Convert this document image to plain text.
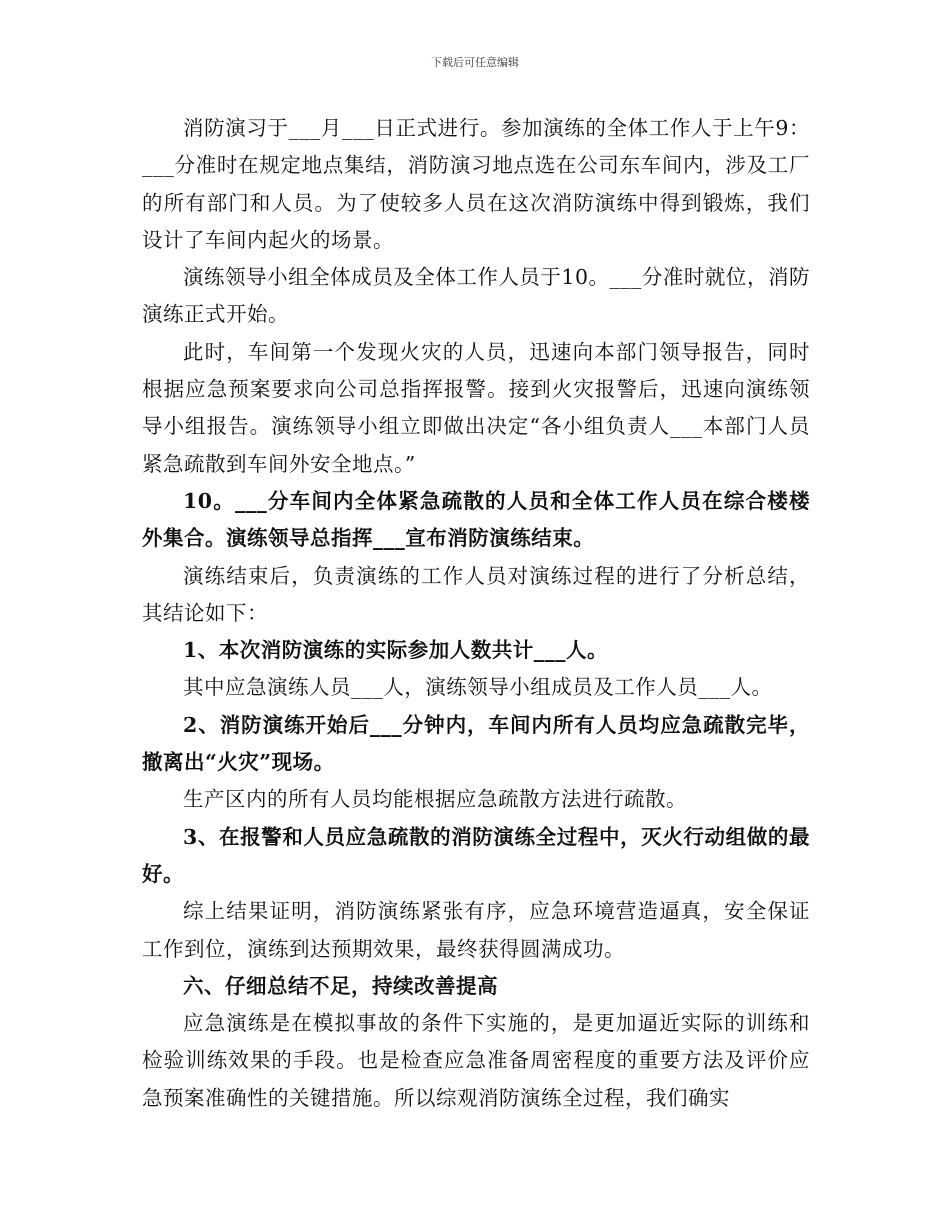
下载后可任意编辑

消防演习于___月___日正式进行。参加演练的全体工作人于上午9：___分准时在规定地点集结，消防演习地点选在公司东车间内，涉及工厂的所有部门和人员。为了使较多人员在这次消防演练中得到锻炼，我们设计了车间内起火的场景。

演练领导小组全体成员及全体工作人员于10。___分准时就位，消防演练正式开始。

此时，车间第一个发现火灾的人员，迅速向本部门领导报告，同时根据应急预案要求向公司总指挥报警。接到火灾报警后，迅速向演练领导小组报告。演练领导小组立即做出决定“各小组负责人___本部门人员紧急疏散到车间外安全地点。”

10。___分车间内全体紧急疏散的人员和全体工作人员在综合楼楼外集合。演练领导总指挥___宣布消防演练结束。

演练结束后，负责演练的工作人员对演练过程的进行了分析总结，其结论如下：

1、本次消防演练的实际参加人数共计___人。

其中应急演练人员___人，演练领导小组成员及工作人员___人。

2、消防演练开始后___分钟内，车间内所有人员均应急疏散完毕，撤离出“火灾”现场。

生产区内的所有人员均能根据应急疏散方法进行疏散。

3、在报警和人员应急疏散的消防演练全过程中，灭火行动组做的最好。

综上结果证明，消防演练紧张有序，应急环境营造逼真，安全保证工作到位，演练到达预期效果，最终获得圆满成功。

六、仔细总结不足，持续改善提高

应急演练是在模拟事故的条件下实施的，是更加逼近实际的训练和检验训练效果的手段。也是检查应急准备周密程度的重要方法及评价应急预案准确性的关键措施。所以综观消防演练全过程，我们确实
